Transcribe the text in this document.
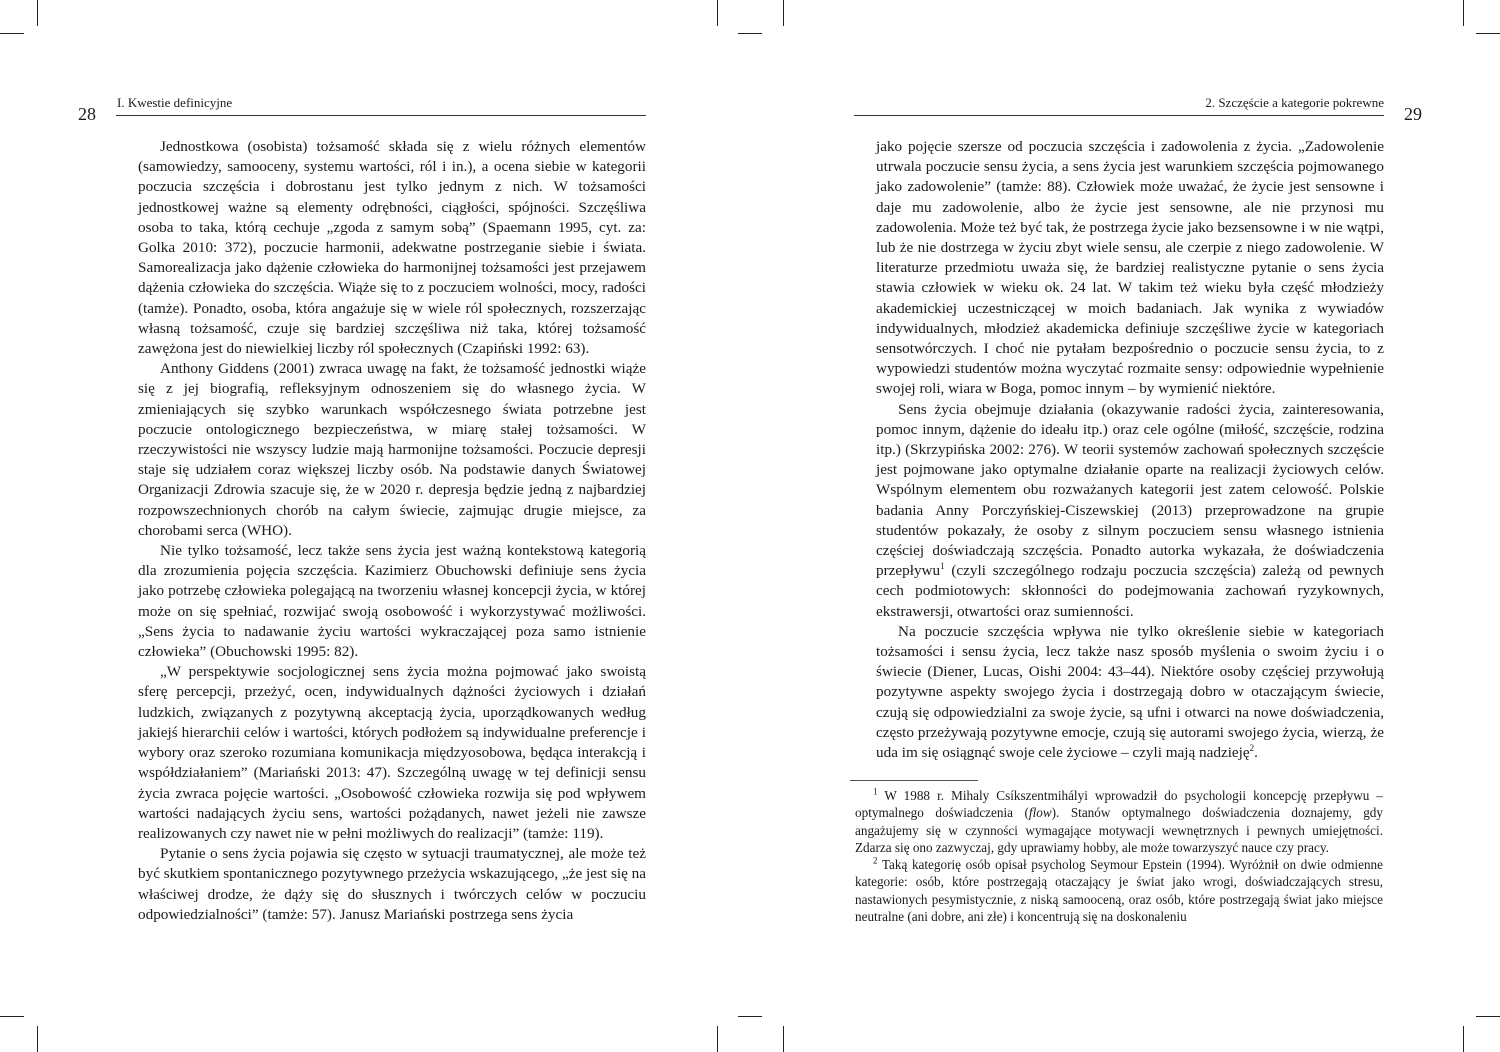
28
I. Kwestie definicyjne

Jednostkowa (osobista) tożsamość składa się z wielu różnych elementów (samowiedzy, samooceny, systemu wartości, ról i in.), a ocena siebie w kategorii poczucia szczęścia i dobrostanu jest tylko jednym z nich. W tożsamości jednostkowej ważne są elementy odrębności, ciągłości, spójności. Szczęśliwa osoba to taka, którą cechuje „zgoda z samym sobą” (Spaemann 1995, cyt. za: Golka 2010: 372), poczucie harmonii, adekwatne postrzeganie siebie i świata. Samorealizacja jako dążenie człowieka do harmonijnej tożsamości jest przejawem dążenia człowieka do szczęścia. Wiąże się to z poczuciem wolności, mocy, radości (tamże). Ponadto, osoba, która angażuje się w wiele ról społecznych, rozszerzając własną tożsamość, czuje się bardziej szczęśliwa niż taka, której tożsamość zawężona jest do niewielkiej liczby ról społecznych (Czapiński 1992: 63).

Anthony Giddens (2001) zwraca uwagę na fakt, że tożsamość jednostki wiąże się z jej biografią, refleksyjnym odnoszeniem się do własnego życia. W zmieniających się szybko warunkach współczesnego świata potrzebne jest poczucie ontologicznego bezpieczeństwa, w miarę stałej tożsamości. W rzeczywistości nie wszyscy ludzie mają harmonijne tożsamości. Poczucie depresji staje się udziałem coraz większej liczby osób. Na podstawie danych Światowej Organizacji Zdrowia szacuje się, że w 2020 r. depresja będzie jedną z najbardziej rozpowszechnionych chorób na całym świecie, zajmując drugie miejsce, za chorobami serca (WHO).

Nie tylko tożsamość, lecz także sens życia jest ważną kontekstową kategorią dla zrozumienia pojęcia szczęścia. Kazimierz Obuchowski definiuje sens życia jako potrzebę człowieka polegającą na tworzeniu własnej koncepcji życia, w której może on się spełniać, rozwijać swoją osobowość i wykorzystywać możliwości. „Sens życia to nadawanie życiu wartości wykraczającej poza samo istnienie człowieka” (Obuchowski 1995: 82).

„W perspektywie socjologicznej sens życia można pojmować jako swoistą sferę percepcji, przeżyć, ocen, indywidualnych dążności życiowych i działań ludzkich, związanych z pozytywną akceptacją życia, uporządkowanych według jakiejś hierarchii celów i wartości, których podłożem są indywidualne preferencje i wybory oraz szeroko rozumiana komunikacja międzyosobowa, będąca interakcją i współdziałaniem” (Mariański 2013: 47). Szczególną uwagę w tej definicji sensu życia zwraca pojęcie wartości. „Osobowość człowieka rozwija się pod wpływem wartości nadających życiu sens, wartości pożądanych, nawet jeżeli nie zawsze realizowanych czy nawet nie w pełni możliwych do realizacji” (tamże: 119).

Pytanie o sens życia pojawia się często w sytuacji traumatycznej, ale może też być skutkiem spontanicznego pozytywnego przeżycia wskazującego, „że jest się na właściwej drodze, że dąży się do słusznych i twórczych celów w poczuciu odpowiedzialności” (tamże: 57). Janusz Mariański postrzega sens życia

2. Szczęście a kategorie pokrewne
29

jako pojęcie szersze od poczucia szczęścia i zadowolenia z życia. „Zadowolenie utrwala poczucie sensu życia, a sens życia jest warunkiem szczęścia pojmowanego jako zadowolenie” (tamże: 88). Człowiek może uważać, że życie jest sensowne i daje mu zadowolenie, albo że życie jest sensowne, ale nie przynosi mu zadowolenia. Może też być tak, że postrzega życie jako bezsensowne i w nie wątpi, lub że nie dostrzega w życiu zbyt wiele sensu, ale czerpie z niego zadowolenie. W literaturze przedmiotu uważa się, że bardziej realistyczne pytanie o sens życia stawia człowiek w wieku ok. 24 lat. W takim też wieku była część młodzieży akademickiej uczestniczącej w moich badaniach. Jak wynika z wywiadów indywidualnych, młodzież akademicka definiuje szczęśliwe życie w kategoriach sensotwórczych. I choć nie pytałam bezpośrednio o poczucie sensu życia, to z wypowiedzi studentów można wyczytać rozmaite sensy: odpowiednie wypełnienie swojej roli, wiara w Boga, pomoc innym – by wymienić niektóre.

Sens życia obejmuje działania (okazywanie radości życia, zainteresowania, pomoc innym, dążenie do ideału itp.) oraz cele ogólne (miłość, szczęście, rodzina itp.) (Skrzypińska 2002: 276). W teorii systemów zachowań społecznych szczęście jest pojmowane jako optymalne działanie oparte na realizacji życiowych celów. Wspólnym elementem obu rozważanych kategorii jest zatem celowość. Polskie badania Anny Porczyńskiej-Ciszewskiej (2013) przeprowadzone na grupie studentów pokazały, że osoby z silnym poczuciem sensu własnego istnienia częściej doświadczają szczęścia. Ponadto autorka wykazała, że doświadczenia przepływu$^1$ (czyli szczególnego rodzaju poczucia szczęścia) zależą od pewnych cech podmiotowych: skłonności do podejmowania zachowań ryzykownych, ekstrawersji, otwartości oraz sumienności.

Na poczucie szczęścia wpływa nie tylko określenie siebie w kategoriach tożsamości i sensu życia, lecz także nasz sposób myślenia o swoim życiu i o świecie (Diener, Lucas, Oishi 2004: 43–44). Niektóre osoby częściej przywołują pozytywne aspekty swojego życia i dostrzegają dobro w otaczającym świecie, czują się odpowiedzialni za swoje życie, są ufni i otwarci na nowe doświadczenia, często przeżywają pozytywne emocje, czują się autorami swojego życia, wierzą, że uda im się osiągnąć swoje cele życiowe – czyli mają nadzieję$^2$.

$^1$ W 1988 r. Mihaly Csíkszentmihályi wprowadził do psychologii koncepcję przepływu – optymalnego doświadczenia (flow). Stanów optymalnego doświadczenia doznajemy, gdy angażujemy się w czynności wymagające motywacji wewnętrznych i pewnych umiejętności. Zdarza się ono zazwyczaj, gdy uprawiamy hobby, ale może towarzyszyć nauce czy pracy.

$^2$ Taką kategorię osób opisał psycholog Seymour Epstein (1994). Wyróżnił on dwie odmienne kategorie: osób, które postrzegają otaczający je świat jako wrogi, doświadczających stresu, nastawionych pesymistycznie, z niską samooceną, oraz osób, które postrzegają świat jako miejsce neutralne (ani dobre, ani złe) i koncentrują się na doskonaleniu
